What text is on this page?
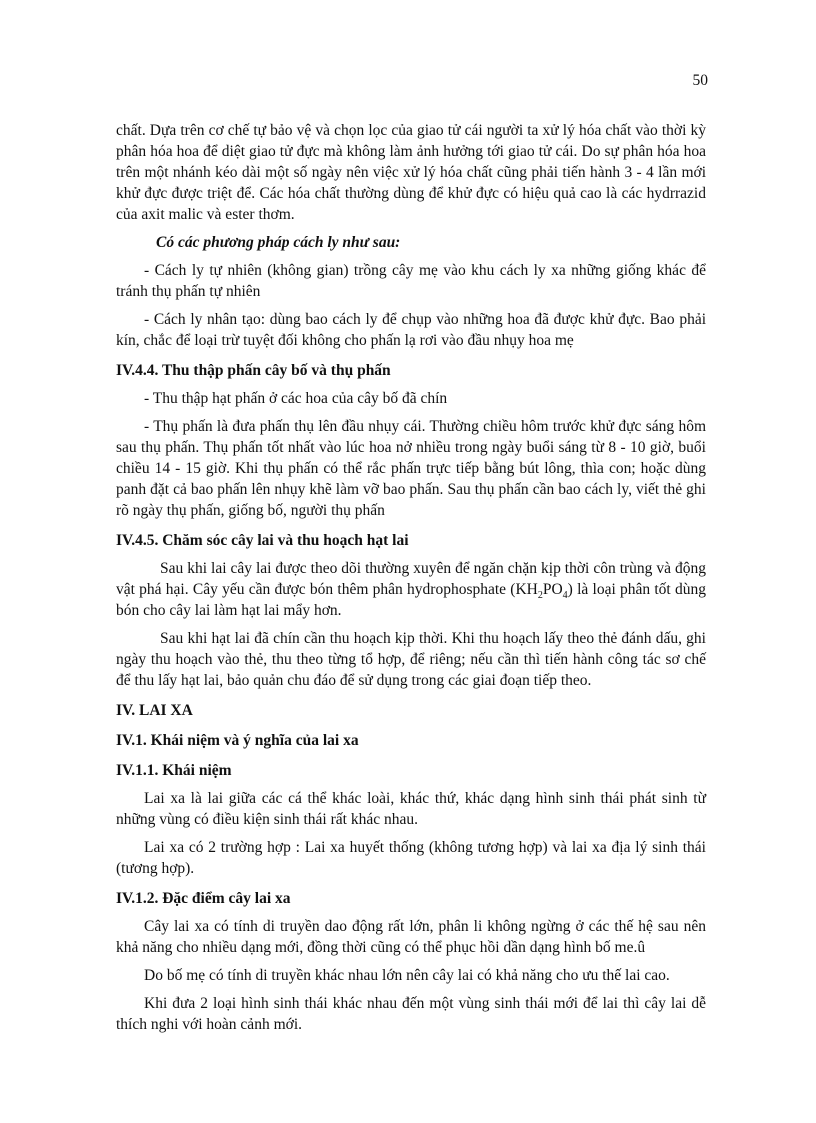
50

chất. Dựa trên cơ chế tự bảo vệ và chọn lọc của giao tử cái người ta xử lý hóa chất vào thời kỳ phân hóa hoa để diệt giao tử đực mà không làm ảnh hưởng tới giao tử cái. Do sự phân hóa hoa trên một nhánh kéo dài một số ngày nên việc xử lý hóa chất cũng phải tiến hành 3 - 4 lần mới khử đực được triệt để. Các hóa chất thường dùng để khử đực có hiệu quả cao là các hydrrazid của axit malic và ester thơm.

Có các phương pháp cách ly như sau:

- Cách ly tự nhiên (không gian) trồng cây mẹ vào khu cách ly xa những giống khác để tránh thụ phấn tự nhiên

- Cách ly nhân tạo: dùng bao cách ly để chụp vào những hoa đã được khử đực. Bao phải kín, chắc để loại trừ tuyệt đối không cho phấn lạ rơi vào đầu nhụy hoa mẹ

IV.4.4. Thu thập phấn cây bố và thụ phấn

- Thu thập hạt phấn ở các hoa của cây bố đã chín

- Thụ phấn là đưa phấn thụ lên đầu nhụy cái. Thường chiều hôm trước khử đực sáng hôm sau thụ phấn. Thụ phấn tốt nhất vào lúc hoa nở nhiều trong ngày buổi sáng từ 8 - 10 giờ, buổi chiều 14 - 15 giờ. Khi thụ phấn có thể rắc phấn trực tiếp bằng bút lông, thìa con; hoặc dùng panh đặt cả bao phấn lên nhụy khẽ làm vỡ bao phấn. Sau thụ phấn cần bao cách ly, viết thẻ ghi rõ ngày thụ phấn, giống bố, người thụ phấn

IV.4.5. Chăm sóc cây lai và thu hoạch hạt lai

Sau khi lai cây lai được theo dõi thường xuyên để ngăn chặn kịp thời côn trùng và động vật phá hại. Cây yếu cần được bón thêm phân hydrophosphate $(KH_2PO_4)$ là loại phân tốt dùng bón cho cây lai làm hạt lai mẩy hơn.

Sau khi hạt lai đã chín cần thu hoạch kịp thời. Khi thu hoạch lấy theo thẻ đánh dấu, ghi ngày thu hoạch vào thẻ, thu theo từng tổ hợp, để riêng; nếu cần thì tiến hành công tác sơ chế để thu lấy hạt lai, bảo quản chu đáo để sử dụng trong các giai đoạn tiếp theo.

IV. LAI XA

IV.1. Khái niệm và ý nghĩa của lai xa

IV.1.1. Khái niệm

Lai xa là lai giữa các cá thể khác loài, khác thứ, khác dạng hình sinh thái phát sinh từ những vùng có điều kiện sinh thái rất khác nhau.

Lai xa có 2 trường hợp : Lai xa huyết thống (không tương hợp) và lai xa địa lý sinh thái (tương hợp).

IV.1.2. Đặc điểm cây lai xa

Cây lai xa có tính di truyền dao động rất lớn, phân li không ngừng ở các thế hệ sau nên khả năng cho nhiều dạng mới, đồng thời cũng có thể phục hồi dần dạng hình bố me.û

Do bố mẹ có tính di truyền khác nhau lớn nên cây lai có khả năng cho ưu thế lai cao.

Khi đưa 2 loại hình sinh thái khác nhau đến một vùng sinh thái mới để lai thì cây lai dễ thích nghi với hoàn cảnh mới.
